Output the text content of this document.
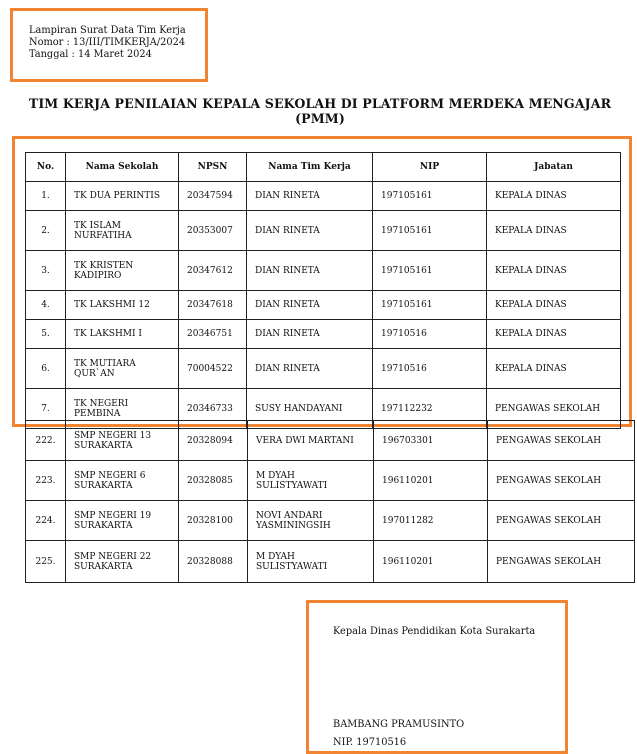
Lampiran Surat Data Tim Kerja
Nomor : 13/III/TIMKERJA/2024
Tanggal : 14 Maret 2024
TIM KERJA PENILAIAN KEPALA SEKOLAH DI PLATFORM MERDEKA MENGAJAR
(PMM)
No.	Nama Sekolah	NPSN	Nama Tim Kerja	NIP	Jabatan
1.	TK DUA PERINTIS	20347594	DIAN RINETA	197105161	KEPALA DINAS
2.	TK ISLAM NURFATIHA	20353007	DIAN RINETA	197105161	KEPALA DINAS
3.	TK KRISTEN KADIPIRO	20347612	DIAN RINETA	197105161	KEPALA DINAS
4.	TK LAKSHMI 12	20347618	DIAN RINETA	197105161	KEPALA DINAS
5.	TK LAKSHMI I	20346751	DIAN RINETA	19710516	KEPALA DINAS
6.	TK MUTIARA QUR`AN	70004522	DIAN RINETA	19710516	KEPALA DINAS
7.	TK NEGERI PEMBINA	20346733	SUSY HANDAYANI	197112232	PENGAWAS SEKOLAH
222.	SMP NEGERI 13 SURAKARTA	20328094	VERA DWI MARTANI	196703301	PENGAWAS SEKOLAH
223.	SMP NEGERI 6 SURAKARTA	20328085	M DYAH SULISTYAWATI	196110201	PENGAWAS SEKOLAH
224.	SMP NEGERI 19 SURAKARTA	20328100	NOVI ANDARI YASMININGSIH	197011282	PENGAWAS SEKOLAH
225.	SMP NEGERI 22 SURAKARTA	20328088	M DYAH SULISTYAWATI	196110201	PENGAWAS SEKOLAH
Kepala Dinas Pendidikan Kota Surakarta
BAMBANG PRAMUSINTO
NIP. 19710516
